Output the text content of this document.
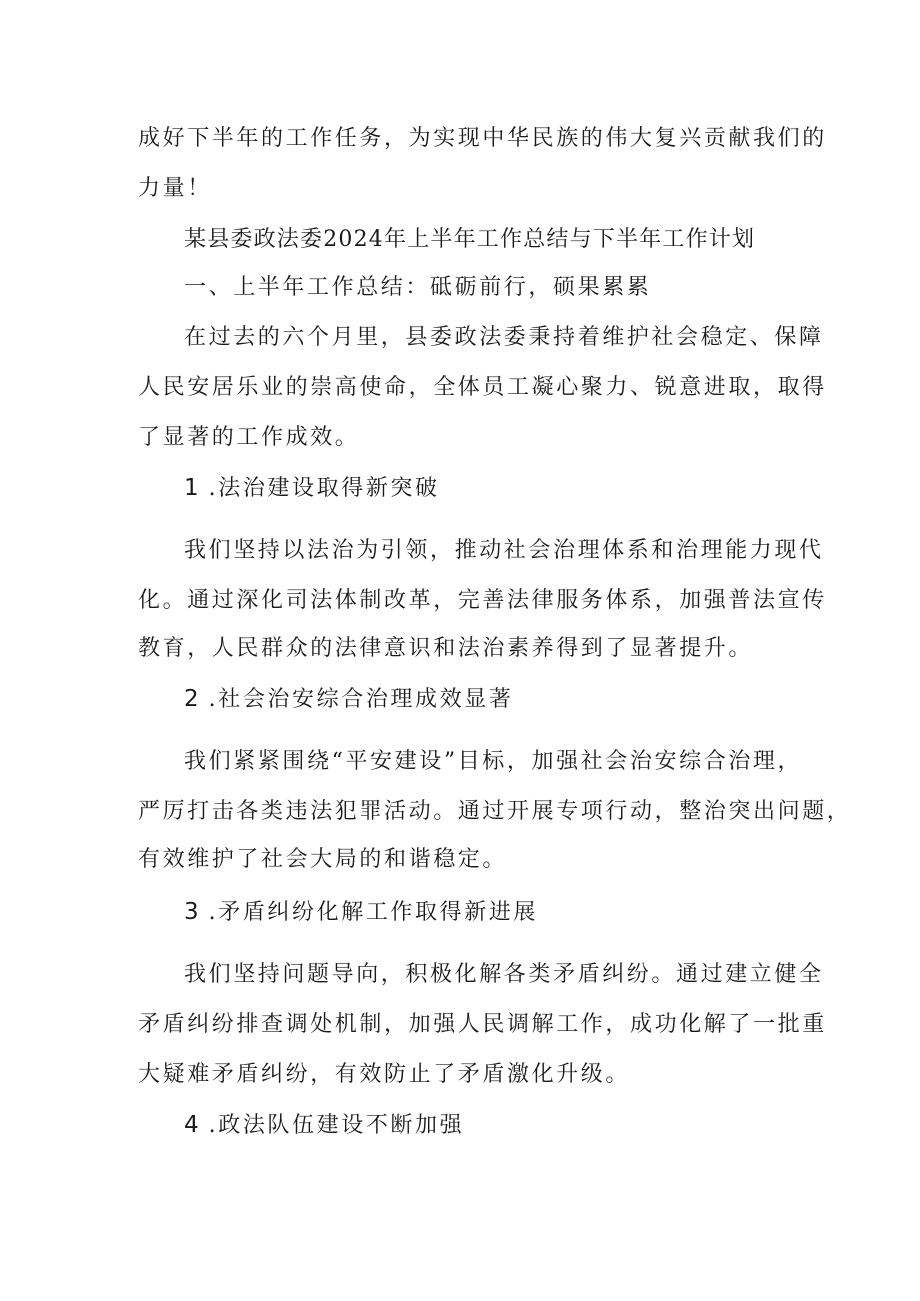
成好下半年的工作任务，为实现中华民族的伟大复兴贡献我们的
力量！
某县委政法委2024年上半年工作总结与下半年工作计划
一、上半年工作总结：砥砺前行，硕果累累
在过去的六个月里，县委政法委秉持着维护社会稳定、保障
人民安居乐业的崇高使命，全体员工凝心聚力、锐意进取，取得
了显著的工作成效。
1 .法治建设取得新突破
我们坚持以法治为引领，推动社会治理体系和治理能力现代
化。通过深化司法体制改革，完善法律服务体系，加强普法宣传
教育，人民群众的法律意识和法治素养得到了显著提升。
2 .社会治安综合治理成效显著
我们紧紧围绕“平安建设”目标，加强社会治安综合治理，
严厉打击各类违法犯罪活动。通过开展专项行动，整治突出问题，
有效维护了社会大局的和谐稳定。
3 .矛盾纠纷化解工作取得新进展
我们坚持问题导向，积极化解各类矛盾纠纷。通过建立健全
矛盾纠纷排查调处机制，加强人民调解工作，成功化解了一批重
大疑难矛盾纠纷，有效防止了矛盾激化升级。
4 .政法队伍建设不断加强
